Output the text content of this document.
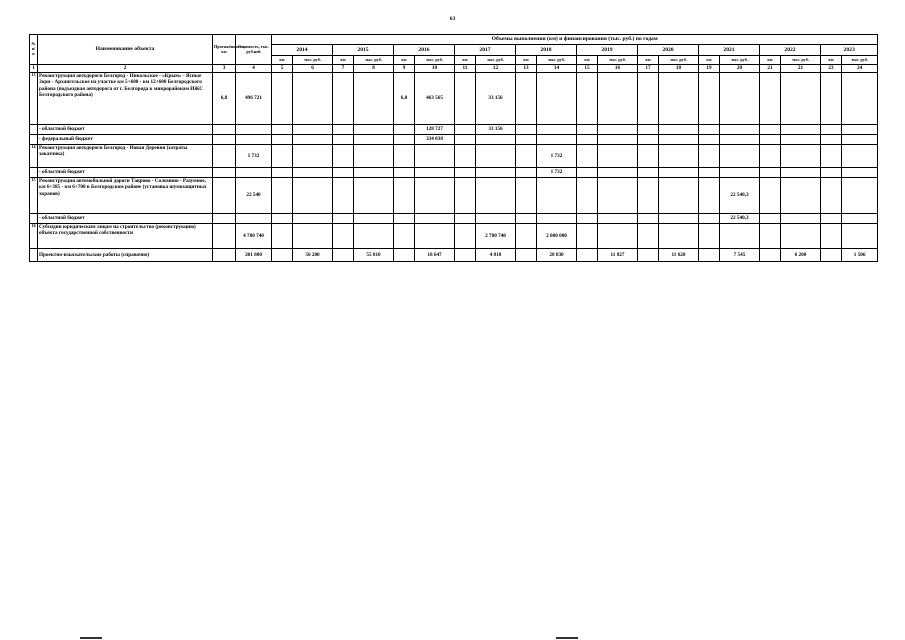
63
№ п/п	Наименование объекта	Протяжённость, км	Стоимость, тыс. руб.ней	Объемы выполнения (км) и финансирования (тыс. руб.) по годам																			
				2014		2015		2016		2017		2018		2019		2020		2021		2022		2023	
				км	тыс. руб.	км	тыс. руб.	км	тыс. руб.	км	тыс. руб.	км	тыс. руб.	км	тыс. руб.	км	тыс. руб.	км	тыс. руб.	км	тыс. руб.	км	тыс. руб.
1	2	3	4	5	6	7	8	9	10	11	12	13	14	15	16	17	18	19	20	21	21	23	24
13	Реконструкция автодороги Белгород - Никольское - «Крым» - Ясные Зори - Архангельское на участке км 5+600 - км 12+600 Белгородского района (подъездная автодорога от г. Белгорода к микрорайонам ИЖС Белгородского района)	6,8	496 721					6,8	463 565		33 156												
	- областной бюджет								128 727		33 156												
	- федеральный бюджет								334 838														
14	Реконструкция автодороги Белгород - Новая Деревня (затраты заказчика)		1 732										1 732										
	- областной бюджет												1 732										
15	Реконструкция автомобильной дороги Таврово - Соломино - Разумное, км 6+385 - км 6+700 в Белгородском районе (установка шумозащитных экранов)		22 540																22 540,3				
	- областной бюджет																		22 540,3				
16	Субсидии юридическим лицам на строительство (реконструкцию) объекта государственной собственности		4 780 740								2 780 740		2 000 000										
	Проектно-изыскательские работы (справочно)		201 800		56 200		55 810		18 647		4 818		28 830		11 827		11 620		7 545		6 200		1 506
